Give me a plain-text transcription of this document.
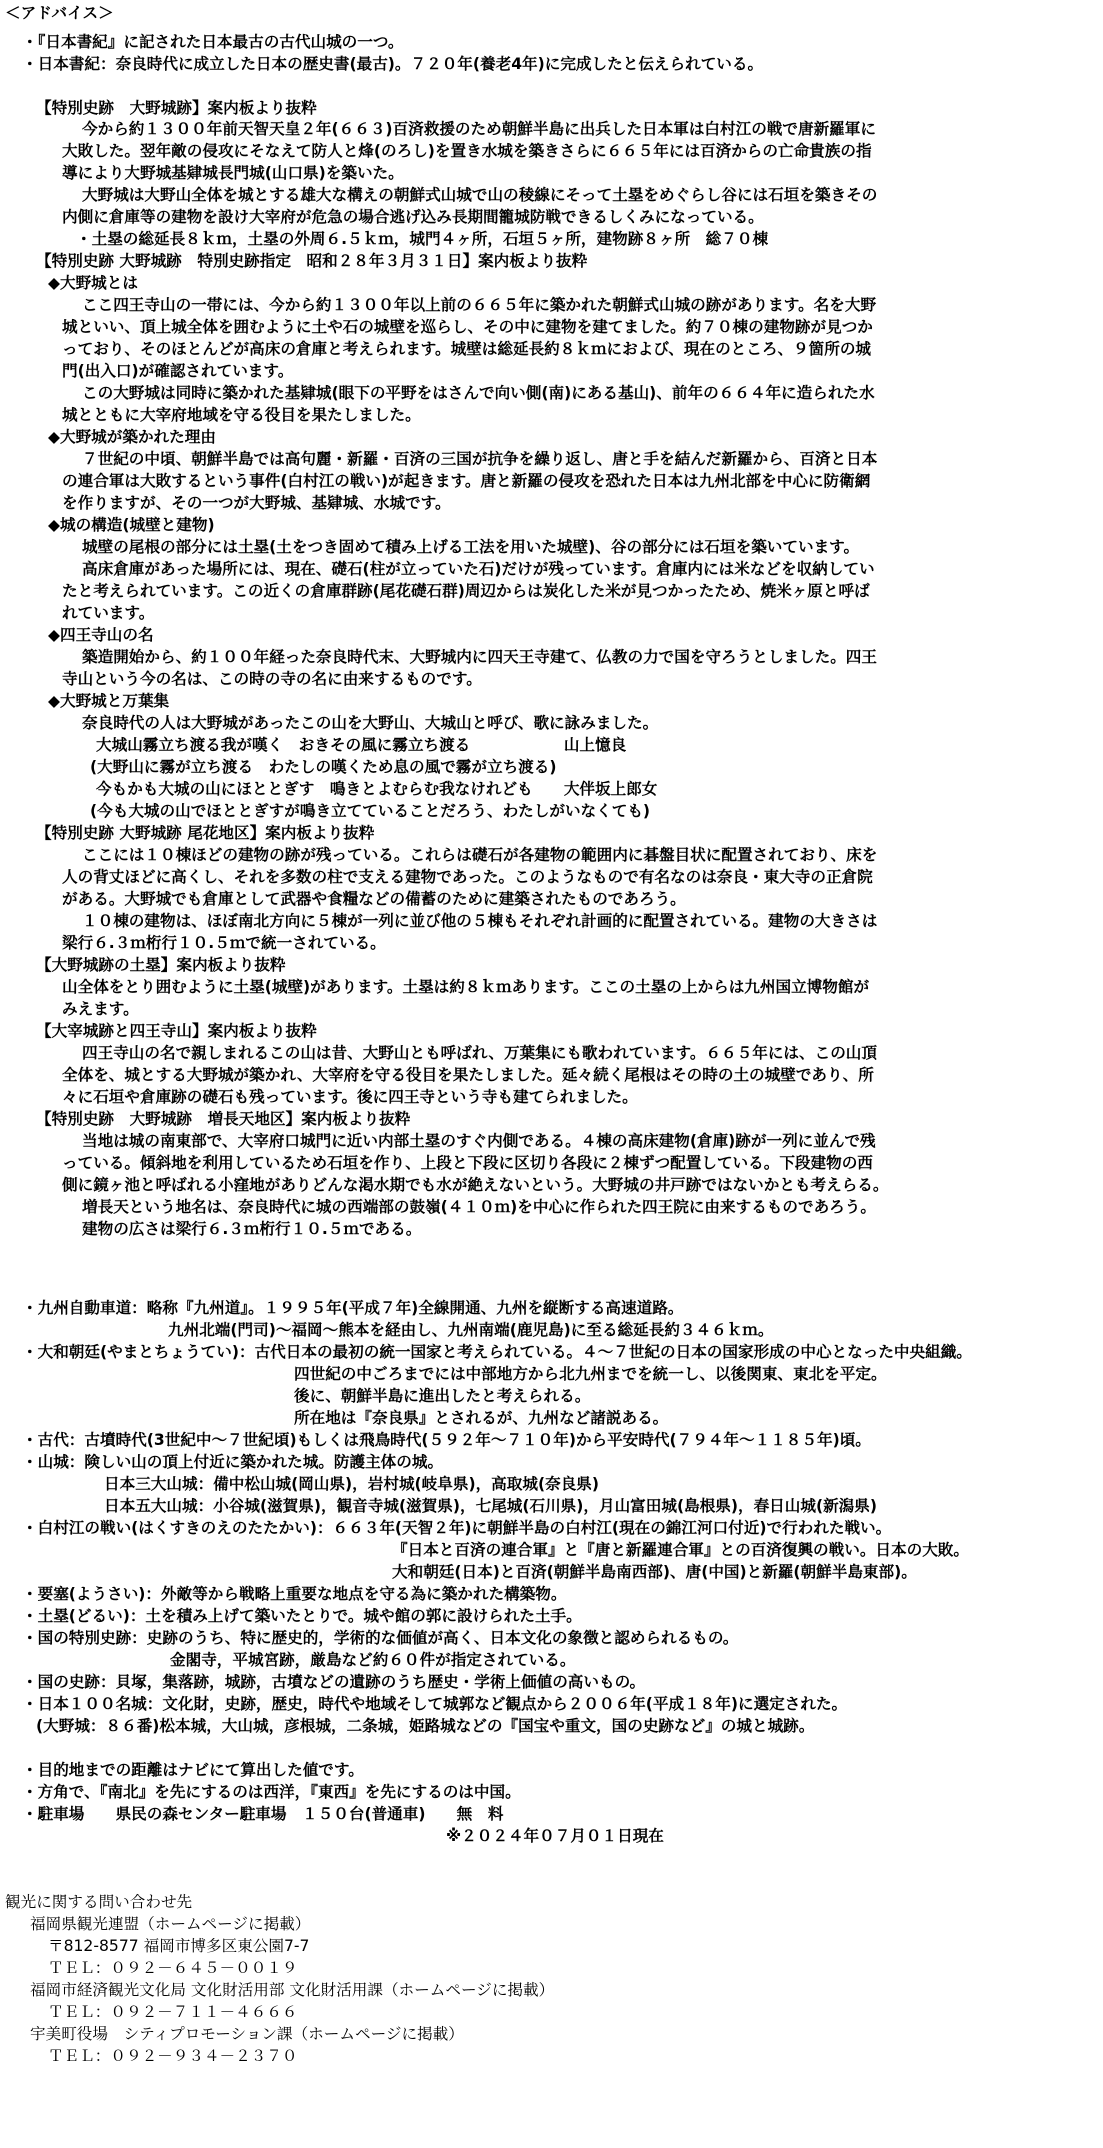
＜アドバイス＞
・『日本書紀』に記された日本最古の古代山城の一つ。
・日本書紀：奈良時代に成立した日本の歴史書(最古)。７２０年(養老4年)に完成したと伝えられている。
【特別史跡　大野城跡】案内板より抜粋
今から約１３００年前天智天皇２年(６６３)百済救援のため朝鮮半島に出兵した日本軍は白村江の戦で唐新羅軍に
大敗した。翌年敵の侵攻にそなえて防人と烽(のろし)を置き水城を築きさらに６６５年には百済からの亡命貴族の指
導により大野城基肄城長門城(山口県)を築いた。
大野城は大野山全体を城とする雄大な構えの朝鮮式山城で山の稜線にそって土塁をめぐらし谷には石垣を築きその
内側に倉庫等の建物を設け大宰府が危急の場合逃げ込み長期間籠城防戦できるしくみになっている。
・土塁の総延長８ｋｍ，土塁の外周６.５ｋｍ，城門４ヶ所，石垣５ヶ所，建物跡８ヶ所　総７０棟
【特別史跡 大野城跡　特別史跡指定　昭和２８年３月３１日】案内板より抜粋
◆大野城とは
ここ四王寺山の一帯には、今から約１３００年以上前の６６５年に築かれた朝鮮式山城の跡があります。名を大野
城といい、頂上城全体を囲むように土や石の城壁を巡らし、その中に建物を建てました。約７０棟の建物跡が見つか
っており、そのほとんどが高床の倉庫と考えられます。城壁は総延長約８ｋｍにおよび、現在のところ、９箇所の城
門(出入口)が確認されています。
この大野城は同時に築かれた基肄城(眼下の平野をはさんで向い側(南)にある基山)、前年の６６４年に造られた水
城とともに大宰府地域を守る役目を果たしました。
◆大野城が築かれた理由
７世紀の中頃、朝鮮半島では高句麗・新羅・百済の三国が抗争を繰り返し、唐と手を結んだ新羅から、百済と日本
の連合軍は大敗するという事件(白村江の戦い)が起きます。唐と新羅の侵攻を恐れた日本は九州北部を中心に防衛網
を作りますが、その一つが大野城、基肄城、水城です。
◆城の構造(城壁と建物)
城壁の尾根の部分には土塁(土をつき固めて積み上げる工法を用いた城壁)、谷の部分には石垣を築いています。
高床倉庫があった場所には、現在、礎石(柱が立っていた石)だけが残っています。倉庫内には米などを収納してい
たと考えられています。この近くの倉庫群跡(尾花礎石群)周辺からは炭化した米が見つかったため、焼米ヶ原と呼ば
れています。
◆四王寺山の名
築造開始から、約１００年経った奈良時代末、大野城内に四天王寺建て、仏教の力で国を守ろうとしました。四王
寺山という今の名は、この時の寺の名に由来するものです。
◆大野城と万葉集
奈良時代の人は大野城があったこの山を大野山、大城山と呼び、歌に詠みました。
大城山霧立ち渡る我が嘆く　おきその風に霧立ち渡る　　　　　　山上憶良
(大野山に霧が立ち渡る　わたしの嘆くため息の風で霧が立ち渡る)
今もかも大城の山にほととぎす　鳴きとよむらむ我なけれども　　大伴坂上郎女
(今も大城の山でほととぎすが鳴き立てていることだろう、わたしがいなくても)
【特別史跡 大野城跡 尾花地区】案内板より抜粋
ここには１０棟ほどの建物の跡が残っている。これらは礎石が各建物の範囲内に碁盤目状に配置されており、床を
人の背丈ほどに高くし、それを多数の柱で支える建物であった。このようなもので有名なのは奈良・東大寺の正倉院
がある。大野城でも倉庫として武器や食糧などの備蓄のために建築されたものであろう。
１０棟の建物は、ほぼ南北方向に５棟が一列に並び他の５棟もそれぞれ計画的に配置されている。建物の大きさは
梁行６.３ｍ桁行１０.５ｍで統一されている。
【大野城跡の土塁】案内板より抜粋
山全体をとり囲むように土塁(城壁)があります。土塁は約８ｋｍあります。ここの土塁の上からは九州国立博物館が
みえます。
【大宰城跡と四王寺山】案内板より抜粋
四王寺山の名で親しまれるこの山は昔、大野山とも呼ばれ、万葉集にも歌われています。６６５年には、この山頂
全体を、城とする大野城が築かれ、大宰府を守る役目を果たしました。延々続く尾根はその時の土の城壁であり、所
々に石垣や倉庫跡の礎石も残っています。後に四王寺という寺も建てられました。
【特別史跡　大野城跡　増長天地区】案内板より抜粋
当地は城の南東部で、大宰府口城門に近い内部土塁のすぐ内側である。４棟の高床建物(倉庫)跡が一列に並んで残
っている。傾斜地を利用しているため石垣を作り、上段と下段に区切り各段に２棟ずつ配置している。下段建物の西
側に鏡ヶ池と呼ばれる小窪地がありどんな渇水期でも水が絶えないという。大野城の井戸跡ではないかとも考えらる。
増長天という地名は、奈良時代に城の西端部の鼓嶺(４１０ｍ)を中心に作られた四王院に由来するものであろう。
建物の広さは梁行６.３ｍ桁行１０.５ｍである。
・九州自動車道：略称『九州道』。１９９５年(平成７年)全線開通、九州を縦断する高速道路。
九州北端(門司)～福岡～熊本を経由し、九州南端(鹿児島)に至る総延長約３４６ｋｍ。
・大和朝廷(やまとちょうてい)：古代日本の最初の統一国家と考えられている。４～７世紀の日本の国家形成の中心となった中央組織。
四世紀の中ごろまでには中部地方から北九州までを統一し、以後関東、東北を平定。
後に、朝鮮半島に進出したと考えられる。
所在地は『奈良県』とされるが、九州など諸説ある。
・古代：古墳時代(3世紀中～７世紀頃)もしくは飛鳥時代(５９２年～７１０年)から平安時代(７９４年～１１８５年)頃。
・山城：険しい山の頂上付近に築かれた城。防護主体の城。
日本三大山城：備中松山城(岡山県)，岩村城(岐阜県)，高取城(奈良県)
日本五大山城：小谷城(滋賀県)，観音寺城(滋賀県)，七尾城(石川県)，月山富田城(島根県)，春日山城(新潟県)
・白村江の戦い(はくすきのえのたたかい)：６６３年(天智２年)に朝鮮半島の白村江(現在の錦江河口付近)で行われた戦い。
『日本と百済の連合軍』と『唐と新羅連合軍』との百済復興の戦い。日本の大敗。
大和朝廷(日本)と百済(朝鮮半島南西部)、唐(中国)と新羅(朝鮮半島東部)。
・要塞(ようさい)：外敵等から戦略上重要な地点を守る為に築かれた構築物。
・土塁(どるい)：土を積み上げて築いたとりで。城や館の郭に設けられた土手。
・国の特別史跡：史跡のうち、特に歴史的，学術的な価値が高く、日本文化の象徴と認められるもの。
金閣寺，平城宮跡，厳島など約６０件が指定されている。
・国の史跡：貝塚，集落跡，城跡，古墳などの遺跡のうち歴史・学術上価値の高いもの。
・日本１００名城：文化財，史跡，歴史，時代や地域そして城郭など観点から２００６年(平成１８年)に選定された。
(大野城：８６番)松本城，大山城，彦根城，二条城，姫路城などの『国宝や重文，国の史跡など』の城と城跡。
・目的地までの距離はナビにて算出した値です。
・方角で、『南北』を先にするのは西洋，『東西』を先にするのは中国。
・駐車場　　県民の森センター駐車場　１５０台(普通車)　　無　料
※２０２４年０７月０１日現在
観光に関する問い合わせ先
福岡県観光連盟（ホームページに掲載）
〒812-8577 福岡市博多区東公園7-7
ＴＥＬ：０９２－６４５－００１９
福岡市経済観光文化局 文化財活用部 文化財活用課（ホームページに掲載）
ＴＥＬ：０９２－７１１－４６６６
宇美町役場　シティプロモーション課（ホームページに掲載）
ＴＥＬ：０９２－９３４－２３７０
